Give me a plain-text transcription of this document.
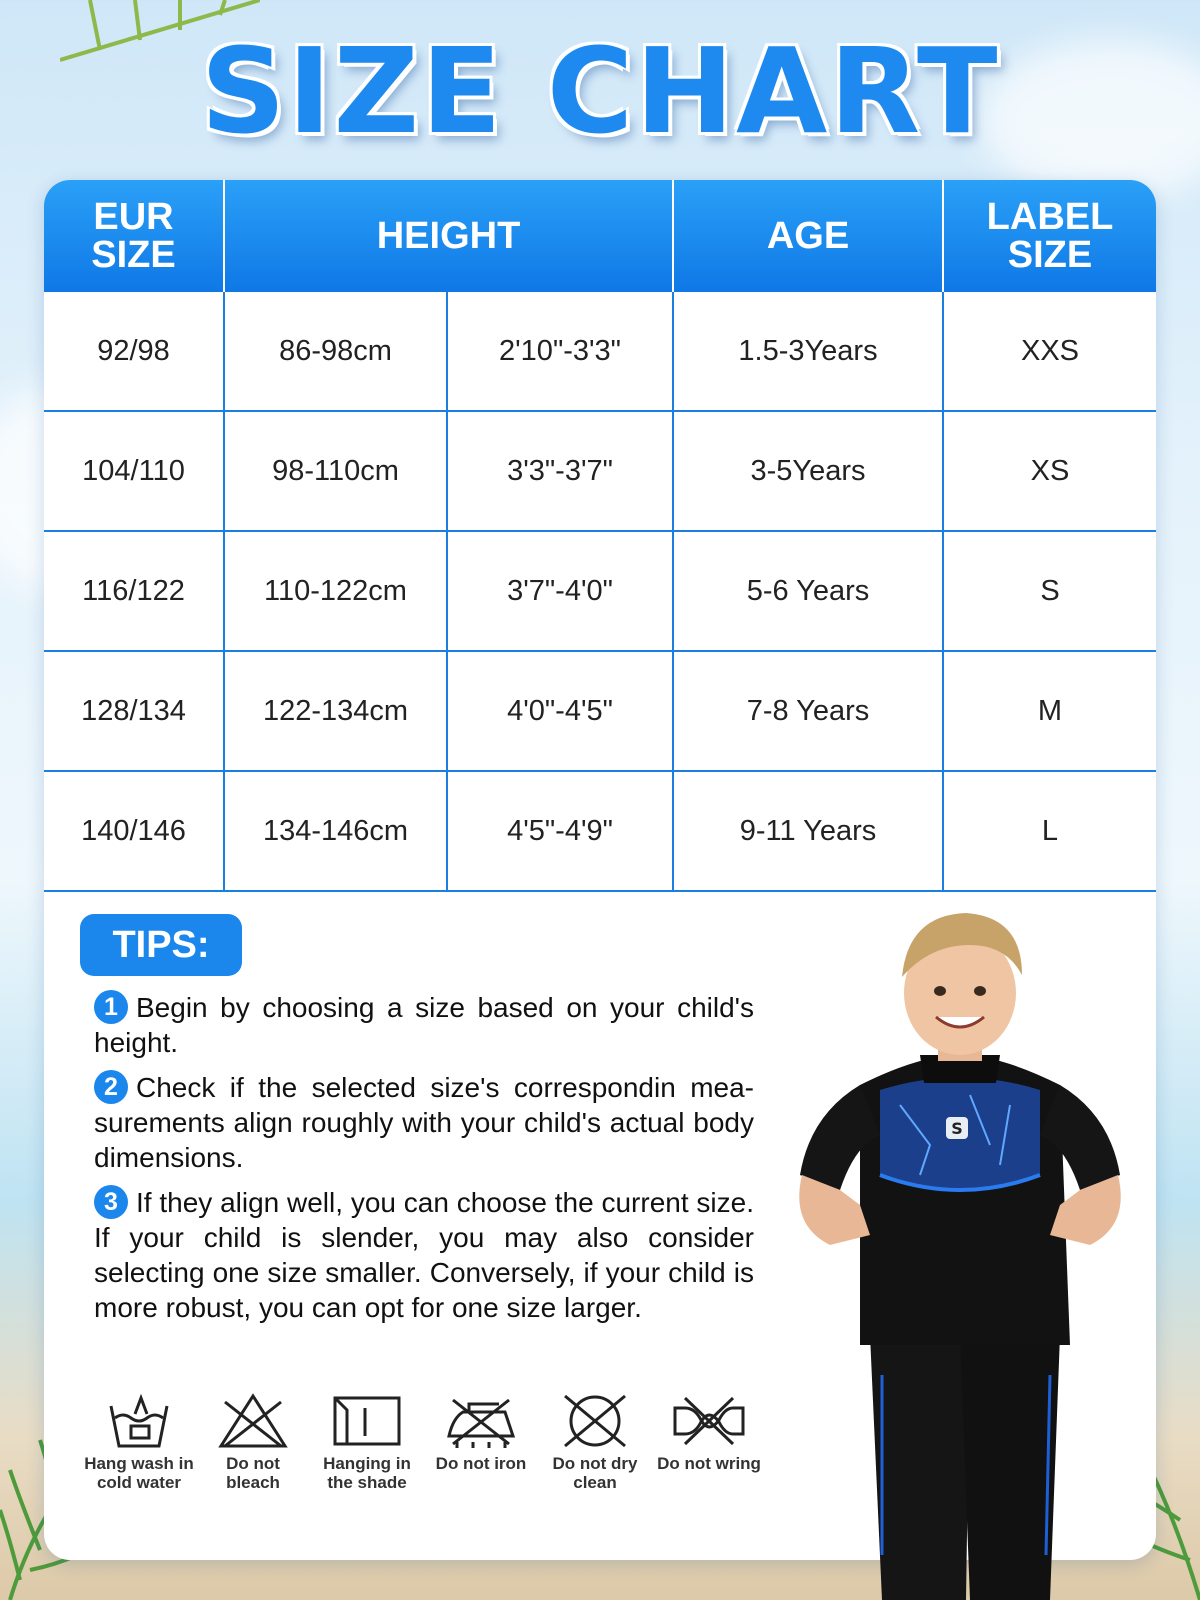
SIZE CHART
EUR SIZE	HEIGHT		AGE	LABEL SIZE
92/98	86-98cm	2'10"-3'3"	1.5-3Years	XXS
104/110	98-110cm	3'3"-3'7"	3-5Years	XS
116/122	110-122cm	3'7"-4'0"	5-6 Years	S
128/134	122-134cm	4'0"-4'5"	7-8 Years	M
140/146	134-146cm	4'5"-4'9"	9-11 Years	L
TIPS:
1 Begin by choosing a size based on your child's height.
2 Check if the selected size's correspondin mea-surements align roughly with your child's actual body dimensions.
3 If they align well, you can choose the current size. If your child is slender, you may also consider selecting one size smaller. Conversely, if your child is more robust, you can opt for one size larger.
Hang wash in cold water
Do not bleach
Hanging in the shade
Do not iron	Do not dry clean
Do not wring
S
